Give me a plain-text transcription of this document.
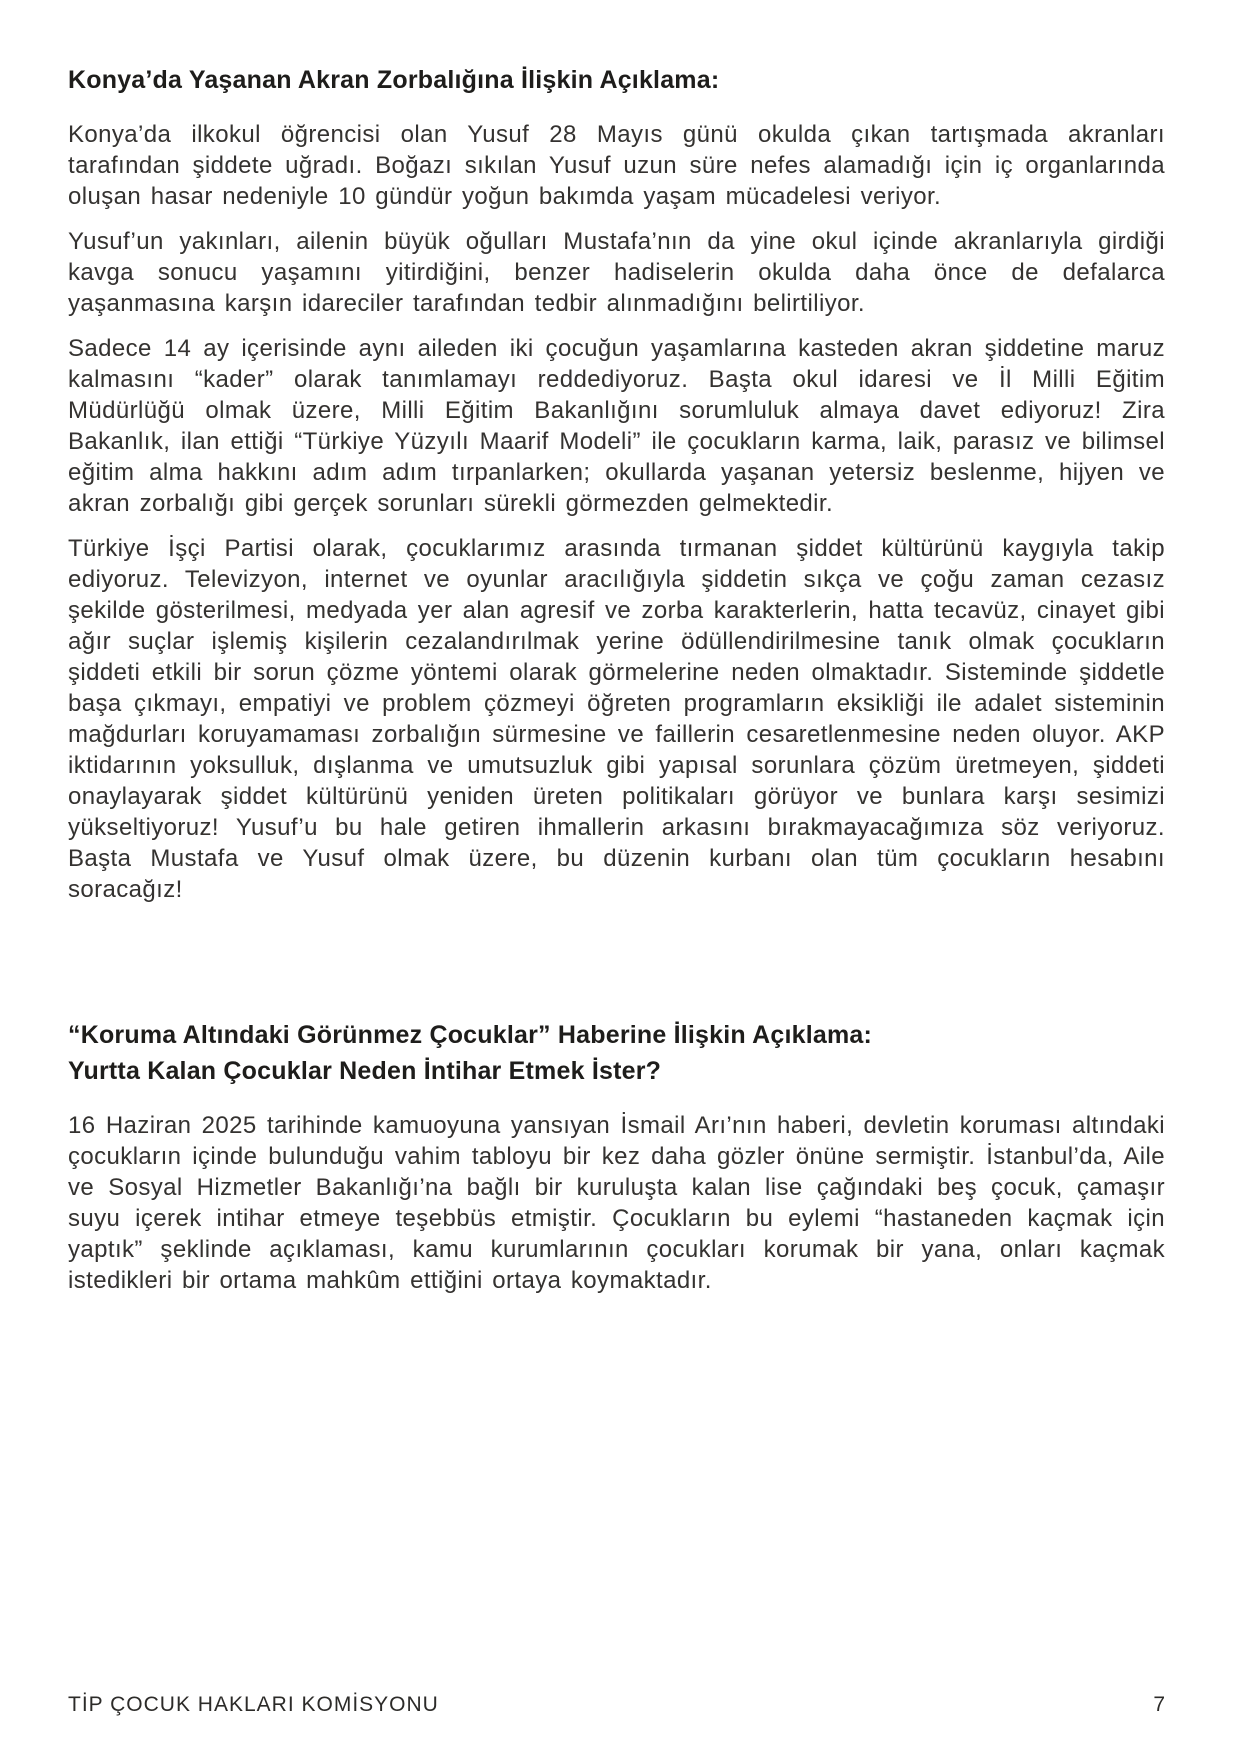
Konya’da Yaşanan Akran Zorbalığına İlişkin Açıklama:

Konya’da ilkokul öğrencisi olan Yusuf 28 Mayıs günü okulda çıkan tartışmada akranları tarafından şiddete uğradı. Boğazı sıkılan Yusuf uzun süre nefes alamadığı için iç organlarında oluşan hasar nedeniyle 10 gündür yoğun bakımda yaşam mücadelesi veriyor.

Yusuf’un yakınları, ailenin büyük oğulları Mustafa’nın da yine okul içinde akranlarıyla girdiği kavga sonucu yaşamını yitirdiğini, benzer hadiselerin okulda daha önce de defalarca yaşanmasına karşın idareciler tarafından tedbir alınmadığını belirtiliyor.

Sadece 14 ay içerisinde aynı aileden iki çocuğun yaşamlarına kasteden akran şiddetine maruz kalmasını “kader” olarak tanımlamayı reddediyoruz. Başta okul idaresi ve İl Milli Eğitim Müdürlüğü olmak üzere, Milli Eğitim Bakanlığını sorumluluk almaya davet ediyoruz! Zira Bakanlık, ilan ettiği “Türkiye Yüzyılı Maarif Modeli” ile çocukların karma, laik, parasız ve bilimsel eğitim alma hakkını adım adım tırpanlarken; okullarda yaşanan yetersiz beslenme, hijyen ve akran zorbalığı gibi gerçek sorunları sürekli görmezden gelmektedir.

Türkiye İşçi Partisi olarak, çocuklarımız arasında tırmanan şiddet kültürünü kaygıyla takip ediyoruz. Televizyon, internet ve oyunlar aracılığıyla şiddetin sıkça ve çoğu zaman cezasız şekilde gösterilmesi, medyada yer alan agresif ve zorba karakterlerin, hatta tecavüz, cinayet gibi ağır suçlar işlemiş kişilerin cezalandırılmak yerine ödüllendirilmesine tanık olmak çocukların şiddeti etkili bir sorun çözme yöntemi olarak görmelerine neden olmaktadır. Sisteminde şiddetle başa çıkmayı, empatiyi ve problem çözmeyi öğreten programların eksikliği ile adalet sisteminin mağdurları koruyamaması zorbalığın sürmesine ve faillerin cesaretlenmesine neden oluyor. AKP iktidarının yoksulluk, dışlanma ve umutsuzluk gibi yapısal sorunlara çözüm üretmeyen, şiddeti onaylayarak şiddet kültürünü yeniden üreten politikaları görüyor ve bunlara karşı sesimizi yükseltiyoruz! Yusuf’u bu hale getiren ihmallerin arkasını bırakmayacağımıza söz veriyoruz. Başta Mustafa ve Yusuf olmak üzere, bu düzenin kurbanı olan tüm çocukların hesabını soracağız!

“Koruma Altındaki Görünmez Çocuklar” Haberine İlişkin Açıklama:
Yurtta Kalan Çocuklar Neden İntihar Etmek İster?

16 Haziran 2025 tarihinde kamuoyuna yansıyan İsmail Arı’nın haberi, devletin koruması altındaki çocukların içinde bulunduğu vahim tabloyu bir kez daha gözler önüne sermiştir. İstanbul’da, Aile ve Sosyal Hizmetler Bakanlığı’na bağlı bir kuruluşta kalan lise çağındaki beş çocuk, çamaşır suyu içerek intihar etmeye teşebbüs etmiştir. Çocukların bu eylemi “hastaneden kaçmak için yaptık” şeklinde açıklaması, kamu kurumlarının çocukları korumak bir yana, onları kaçmak istedikleri bir ortama mahkûm ettiğini ortaya koymaktadır.

TİP ÇOCUK HAKLARI KOMİSYONU	7
